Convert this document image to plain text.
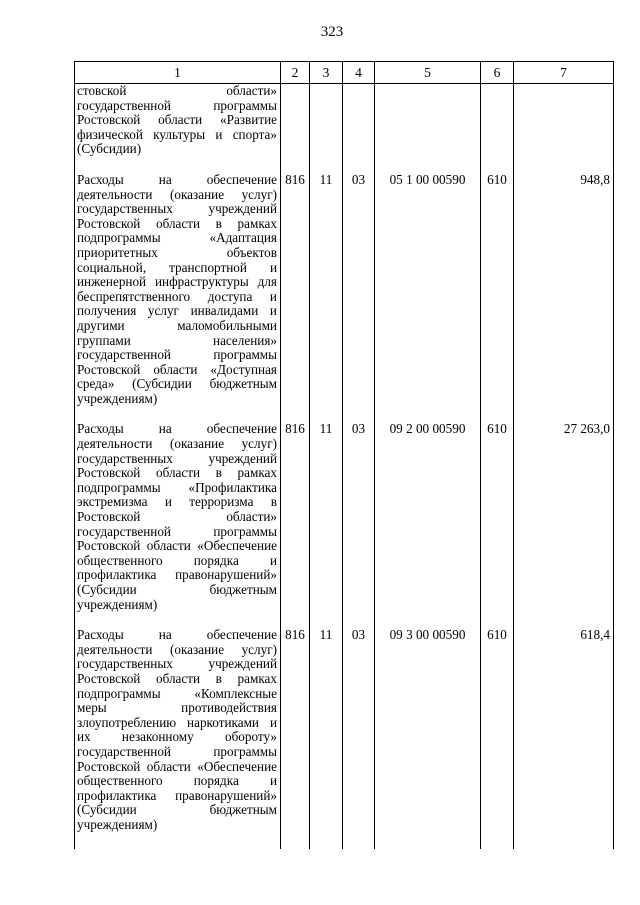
323
1	2	3	4	5	6	7
стовской области» государственной программы Ростовской области «Развитие физической культуры и спорта» (Субсидии)						

Расходы на обеспечение деятельности (оказание услуг) государственных учреждений Ростовской области в рамках подпрограммы «Адаптация приоритетных объектов социальной, транспортной и инженерной инфраструктуры для беспрепятственного доступа и получения услуг инвалидами и другими маломобильными группами населения» государственной программы Ростовской области «Доступная среда» (Субсидии бюджетным учреждениям)	816	11	03	05 1 00 00590	610	948,8

Расходы на обеспечение деятельности (оказание услуг) государственных учреждений Ростовской области в рамках подпрограммы «Профилактика экстремизма и терроризма в Ростовской области» государственной программы Ростовской области «Обеспечение общественного порядка и профилактика правонарушений» (Субсидии бюджетным учреждениям)	816	11	03	09 2 00 00590	610	27 263,0

Расходы на обеспечение деятельности (оказание услуг) государственных учреждений Ростовской области в рамках подпрограммы «Комплексные меры противодействия злоупотреблению наркотиками и их незаконному обороту» государственной программы Ростовской области «Обеспечение общественного порядка и профилактика правонарушений» (Субсидии бюджетным учреждениям)	816	11	03	09 3 00 00590	610	618,4
